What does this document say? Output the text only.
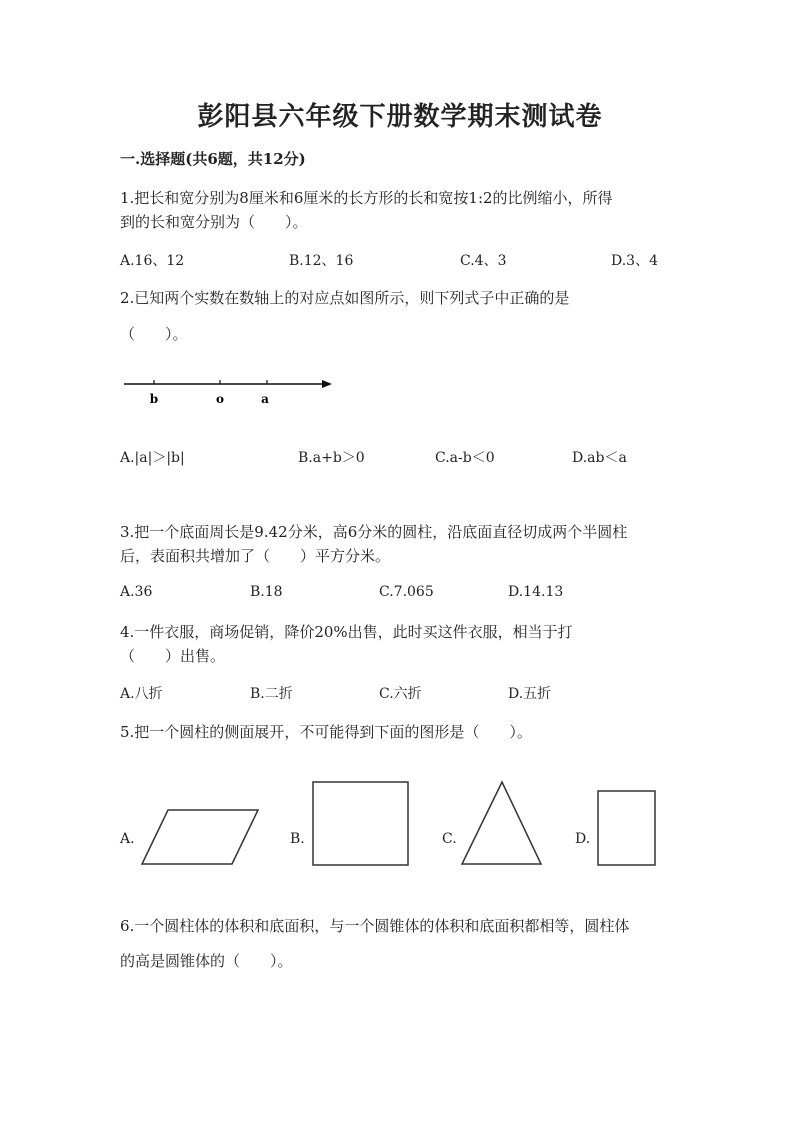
彭阳县六年级下册数学期末测试卷
一.选择题(共6题，共12分)
1.把长和宽分别为8厘米和6厘米的长方形的长和宽按1:2的比例缩小，所得
到的长和宽分别为（　　）。
A.16、12	B.12、16	C.4、3	D.3、4
2.已知两个实数在数轴上的对应点如图所示，则下列式子中正确的是
（　　）。
b	o	a
A.|a|＞|b|	B.a+b＞0	C.a-b＜0	D.ab＜a
3.把一个底面周长是9.42分米，高6分米的圆柱，沿底面直径切成两个半圆柱
后，表面积共增加了（　　）平方分米。
A.36	B.18	C.7.065	D.14.13
4.一件衣服，商场促销，降价20%出售，此时买这件衣服，相当于打
（　　）出售。
A.八折	B.二折	C.六折	D.五折
5.把一个圆柱的侧面展开，不可能得到下面的图形是（　　）。
A.	B.	C.	D.
6.一个圆柱体的体积和底面积，与一个圆锥体的体积和底面积都相等，圆柱体
的高是圆锥体的（　　）。
